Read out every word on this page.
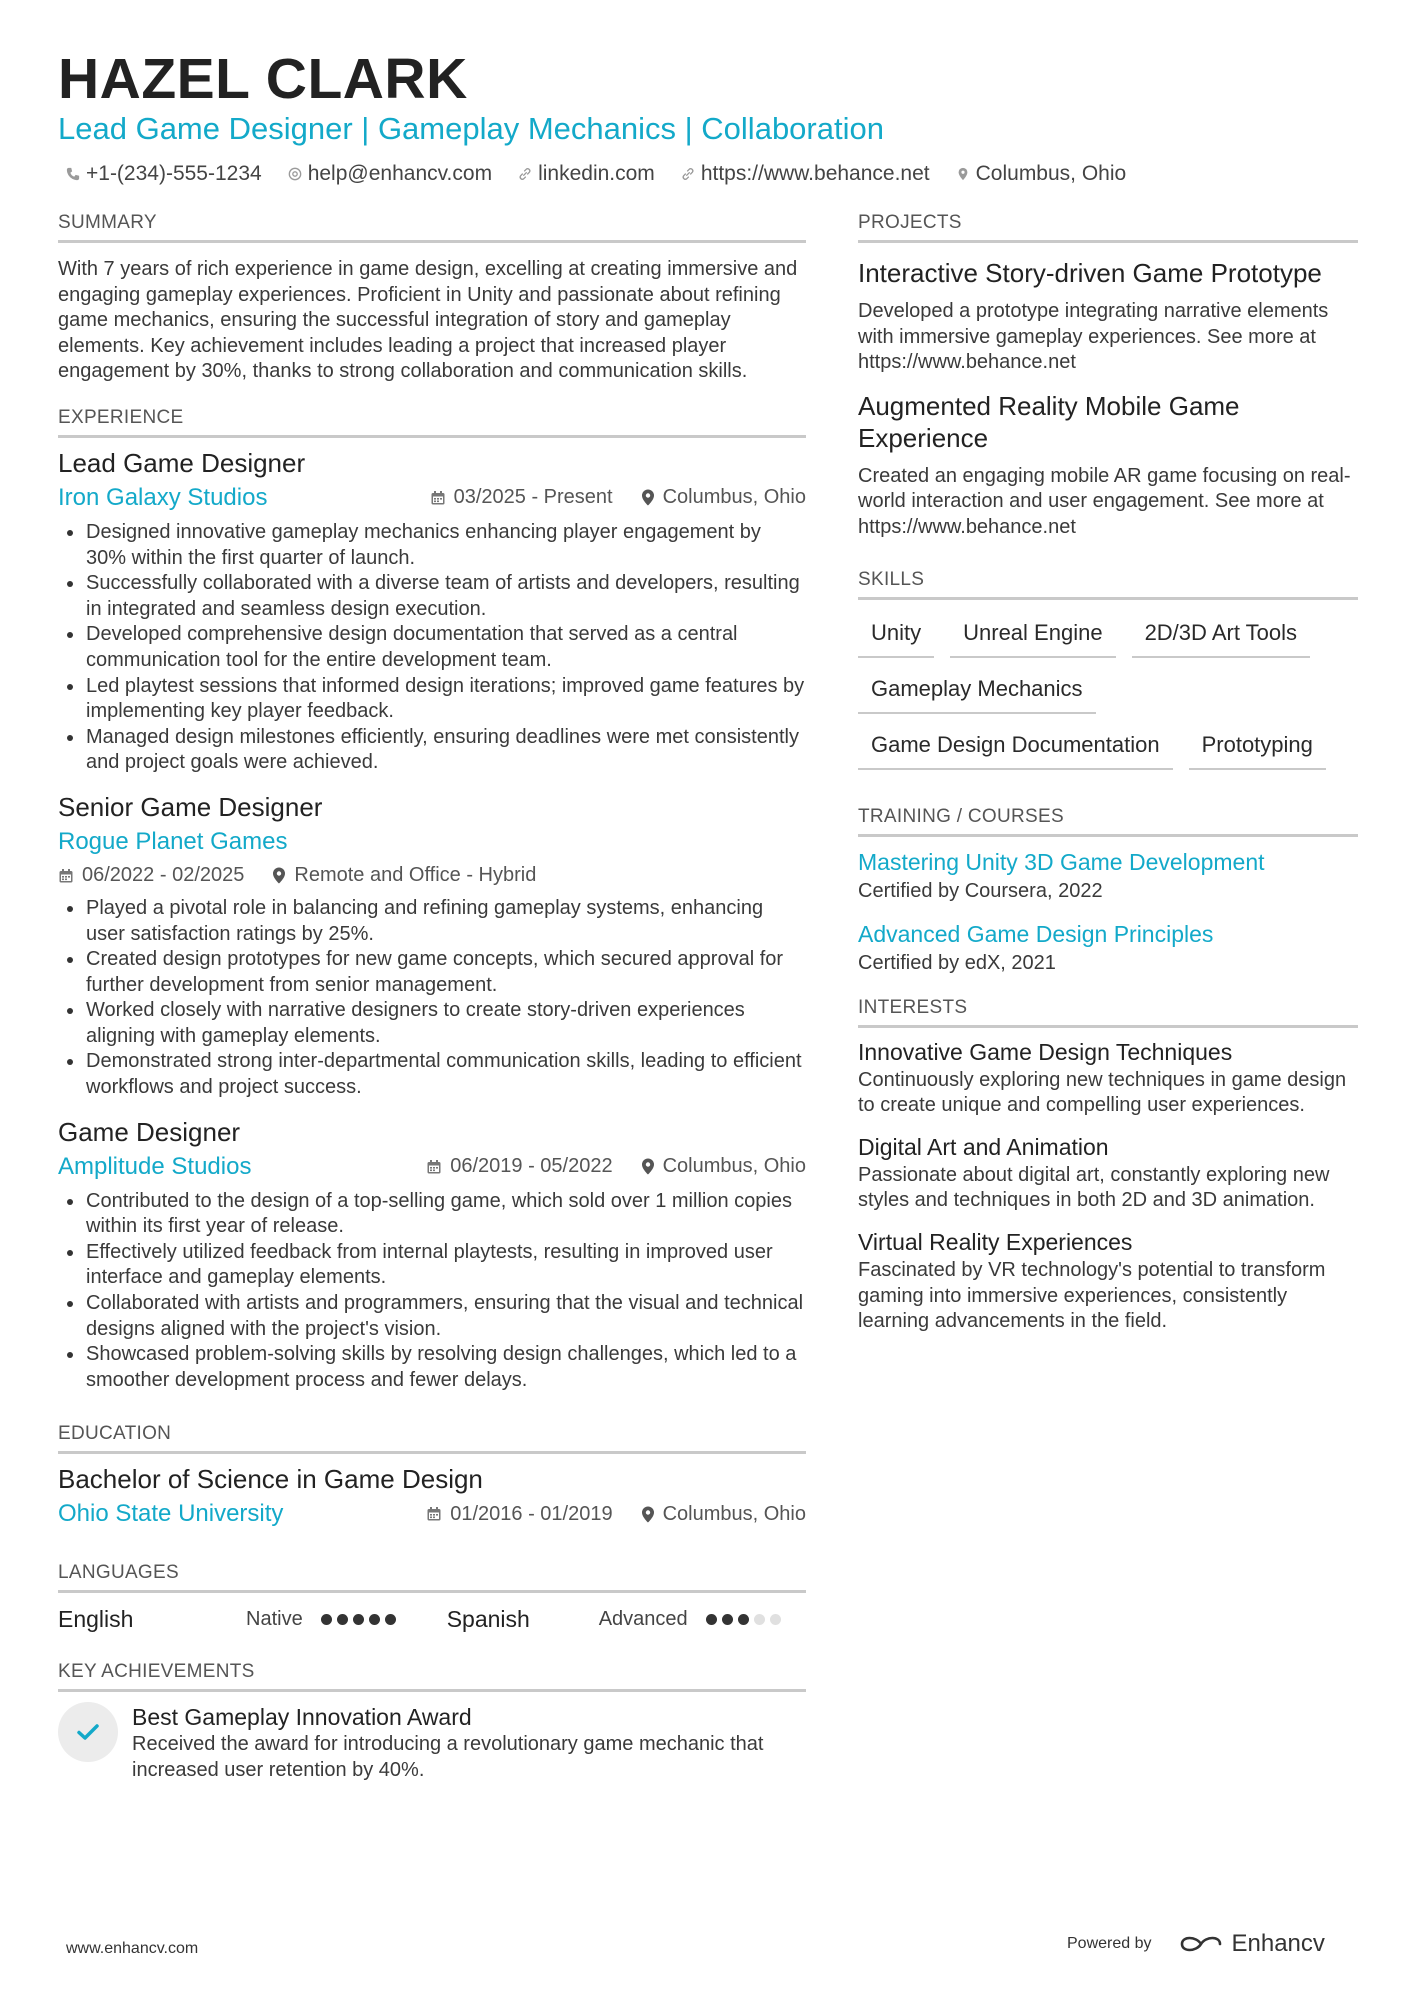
HAZEL CLARK
Lead Game Designer | Gameplay Mechanics | Collaboration
+1-(234)-555-1234 help@enhancv.com linkedin.com https://www.behance.net Columbus, Ohio
SUMMARY
With 7 years of rich experience in game design, excelling at creating immersive and engaging gameplay experiences. Proficient in Unity and passionate about refining game mechanics, ensuring the successful integration of story and gameplay elements. Key achievement includes leading a project that increased player engagement by 30%, thanks to strong collaboration and communication skills.
EXPERIENCE
Lead Game Designer
Iron Galaxy Studios	03/2025 - Present	Columbus, Ohio
Designed innovative gameplay mechanics enhancing player engagement by 30% within the first quarter of launch.
Successfully collaborated with a diverse team of artists and developers, resulting in integrated and seamless design execution.
Developed comprehensive design documentation that served as a central communication tool for the entire development team.
Led playtest sessions that informed design iterations; improved game features by implementing key player feedback.
Managed design milestones efficiently, ensuring deadlines were met consistently and project goals were achieved.
Senior Game Designer
Rogue Planet Games
06/2022 - 02/2025	Remote and Office - Hybrid
Played a pivotal role in balancing and refining gameplay systems, enhancing user satisfaction ratings by 25%.
Created design prototypes for new game concepts, which secured approval for further development from senior management.
Worked closely with narrative designers to create story-driven experiences aligning with gameplay elements.
Demonstrated strong inter-departmental communication skills, leading to efficient workflows and project success.
Game Designer
Amplitude Studios	06/2019 - 05/2022	Columbus, Ohio
Contributed to the design of a top-selling game, which sold over 1 million copies within its first year of release.
Effectively utilized feedback from internal playtests, resulting in improved user interface and gameplay elements.
Collaborated with artists and programmers, ensuring that the visual and technical designs aligned with the project's vision.
Showcased problem-solving skills by resolving design challenges, which led to a smoother development process and fewer delays.
EDUCATION
Bachelor of Science in Game Design
Ohio State University	01/2016 - 01/2019	Columbus, Ohio
LANGUAGES
English	Native	Spanish	Advanced
KEY ACHIEVEMENTS
Best Gameplay Innovation Award
Received the award for introducing a revolutionary game mechanic that increased user retention by 40%.
PROJECTS
Interactive Story-driven Game Prototype
Developed a prototype integrating narrative elements with immersive gameplay experiences. See more at https://www.behance.net
Augmented Reality Mobile Game Experience
Created an engaging mobile AR game focusing on real-world interaction and user engagement. See more at https://www.behance.net
SKILLS
Unity	Unreal Engine	2D/3D Art Tools
Gameplay Mechanics
Game Design Documentation	Prototyping
TRAINING / COURSES
Mastering Unity 3D Game Development
Certified by Coursera, 2022
Advanced Game Design Principles
Certified by edX, 2021
INTERESTS
Innovative Game Design Techniques
Continuously exploring new techniques in game design to create unique and compelling user experiences.
Digital Art and Animation
Passionate about digital art, constantly exploring new styles and techniques in both 2D and 3D animation.
Virtual Reality Experiences
Fascinated by VR technology's potential to transform gaming into immersive experiences, consistently learning advancements in the field.
www.enhancv.com	Powered by	Enhancv
